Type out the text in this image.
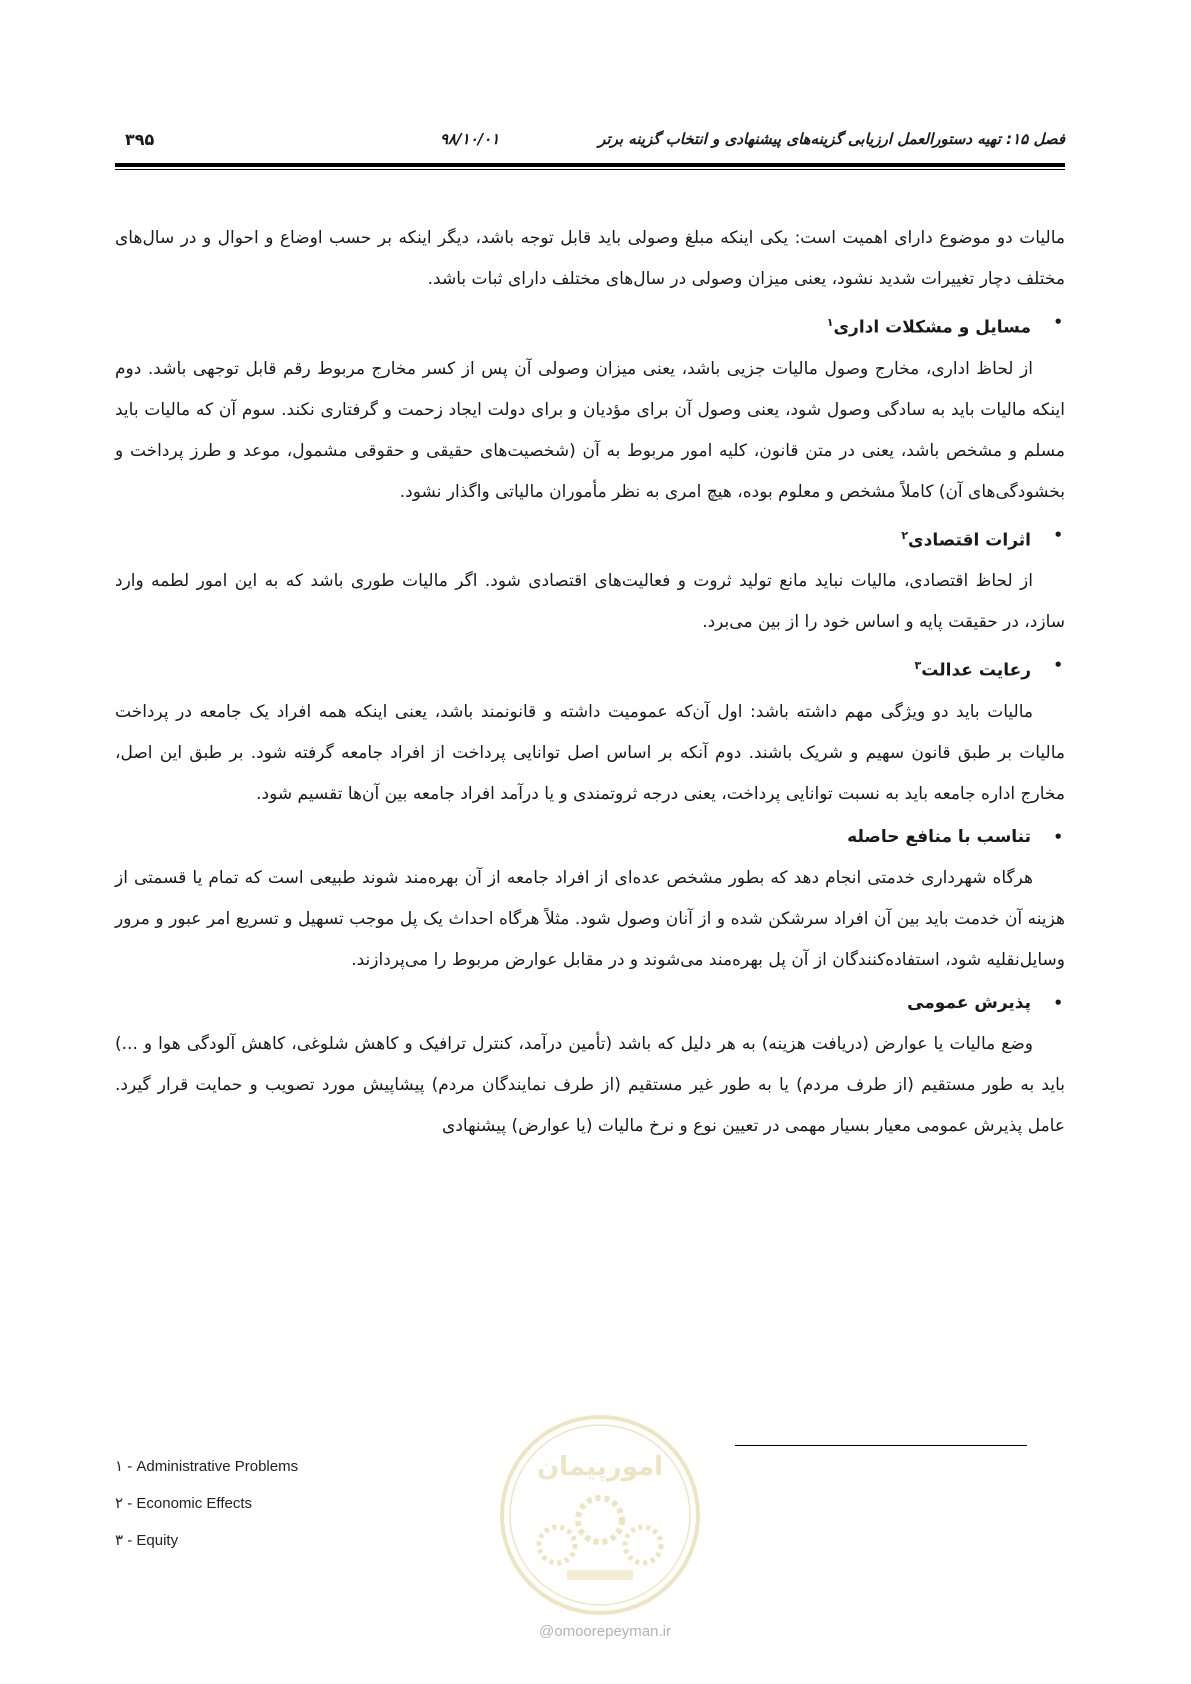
فصل ۱۵: تهیه دستورالعمل ارزیابی گزینه‌های پیشنهادی و انتخاب گزینه برتر
۹۸/۱۰/۰۱
۳۹۵

مالیات دو موضوع دارای اهمیت است: یکی اینکه مبلغ وصولی باید قابل توجه باشد، دیگر اینکه بر حسب اوضاع و احوال و در سال‌های مختلف دچار تغییرات شدید نشود، یعنی میزان وصولی در سال‌های مختلف دارای ثبات باشد.

•
مسایل و مشکلات اداری$^۱$

از لحاظ اداری، مخارج وصول مالیات جزیی باشد، یعنی میزان وصولی آن پس از کسر مخارج مربوط رقم قابل توجهی باشد. دوم اینکه مالیات باید به سادگی وصول شود، یعنی وصول آن برای مؤدیان و برای دولت ایجاد زحمت و گرفتاری نکند. سوم آن که مالیات باید مسلم و مشخص باشد، یعنی در متن قانون، کلیه امور مربوط به آن (شخصیت‌های حقیقی و حقوقی مشمول، موعد و طرز پرداخت و بخشودگی‌های آن) کاملاً مشخص و معلوم بوده، هیچ امری به نظر مأموران مالیاتی واگذار نشود.

•
اثرات اقتصادی$^۲$

از لحاظ اقتصادی، مالیات نباید مانع تولید ثروت و فعالیت‌های اقتصادی شود. اگر مالیات طوری باشد که به این امور لطمه وارد سازد، در حقیقت پایه و اساس خود را از بین می‌برد.

•
رعایت عدالت$^۳$

مالیات باید دو ویژگی مهم داشته باشد: اول آن‌که عمومیت داشته و قانونمند باشد، یعنی اینکه همه افراد یک جامعه در پرداخت مالیات بر طبق قانون سهیم و شریک باشند. دوم آنکه بر اساس اصل توانایی پرداخت از افراد جامعه گرفته شود. بر طبق این اصل، مخارج اداره جامعه باید به نسبت توانایی پرداخت، یعنی درجه ثروتمندی و یا درآمد افراد جامعه بین آن‌ها تقسیم شود.

•
تناسب با منافع حاصله

هرگاه شهرداری خدمتی انجام دهد که بطور مشخص عده‌ای از افراد جامعه از آن بهره‌مند شوند طبیعی است که تمام یا قسمتی از هزینه آن خدمت باید بین آن افراد سرشکن شده و از آنان وصول شود. مثلاً هرگاه احداث یک پل موجب تسهیل و تسریع امر عبور و مرور وسایل‌نقلیه شود، استفاده‌کنندگان از آن پل بهره‌مند می‌شوند و در مقابل عوارض مربوط را می‌پردازند.

•
پذیرش عمومی

وضع مالیات یا عوارض (دریافت هزینه) به هر دلیل که باشد (تأمین درآمد، کنترل ترافیک و کاهش شلوغی، کاهش آلودگی هوا و ...) باید به طور مستقیم (از طرف مردم) یا به طور غیر مستقیم (از طرف نمایندگان مردم) پیشاپیش مورد تصویب و حمایت قرار گیرد. عامل پذیرش عمومی معیار بسیار مهمی در تعیین نوع و نرخ مالیات (یا عوارض) پیشنهادی

۱ - Administrative Problems
۲ - Economic Effects
۳ - Equity
امورپیمان
@omoorepeyman.ir
